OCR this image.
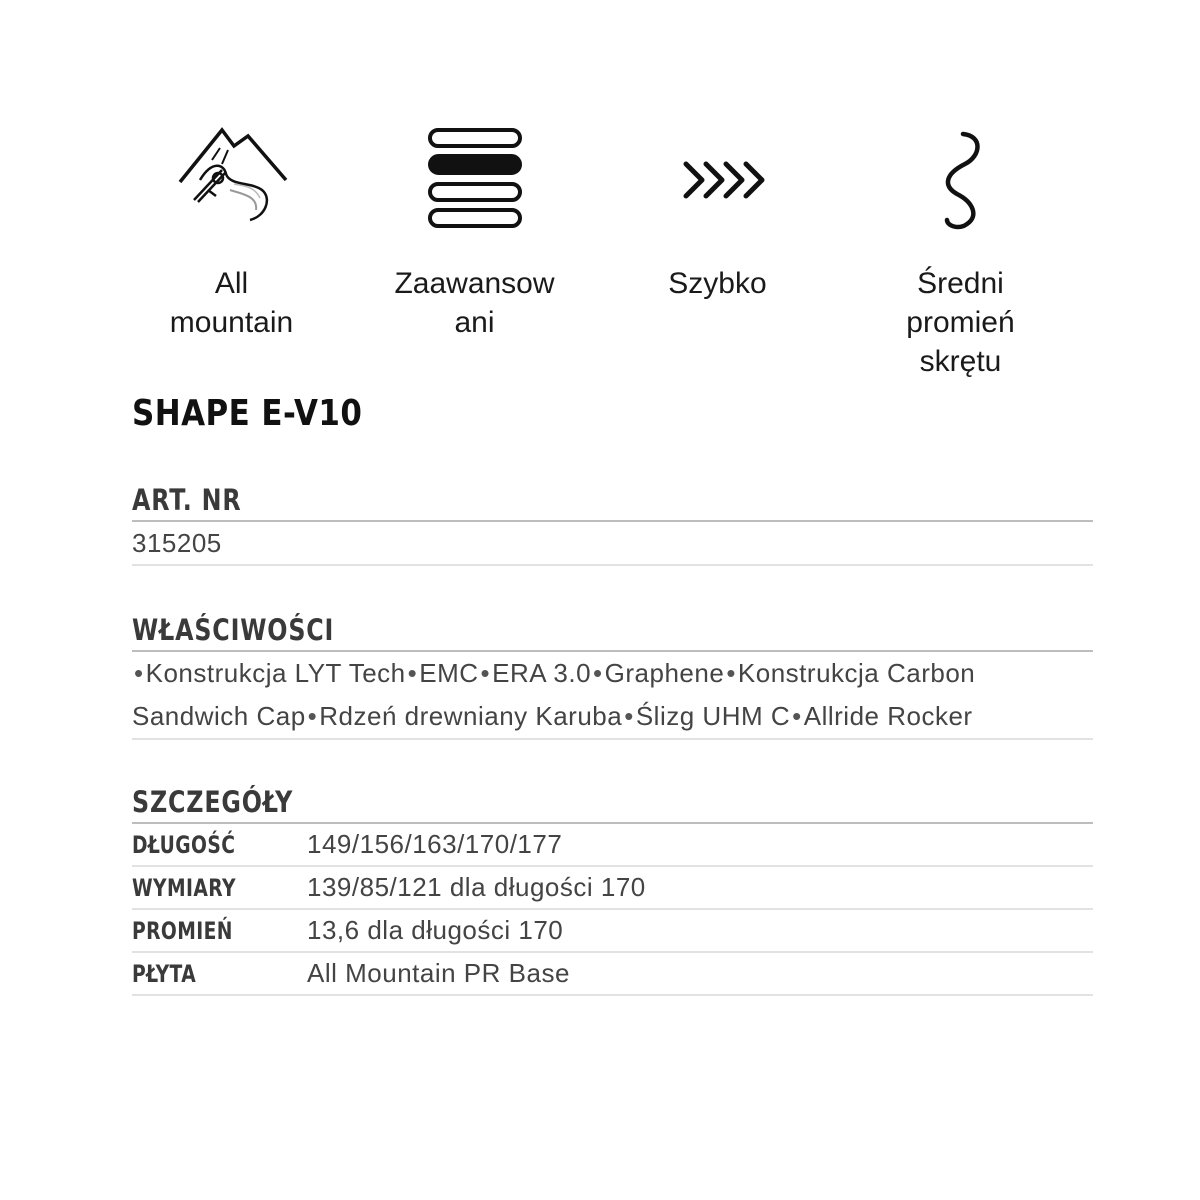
All
mountain
Zaawansow
ani
Szybko	Średni
promień
skrętu
SHAPE E-V10
ART. NR
315205
WŁAŚCIWOŚCI
•Konstrukcja LYT Tech•EMC•ERA 3.0•Graphene•Konstrukcja Carbon
Sandwich Cap•Rdzeń drewniany Karuba•Ślizg UHM C•Allride Rocker
SZCZEGÓŁY
DŁUGOŚĆ	149/156/163/170/177
WYMIARY	139/85/121 dla długości 170
PROMIEŃ	13,6 dla długości 170
PŁYTA	All Mountain PR Base
